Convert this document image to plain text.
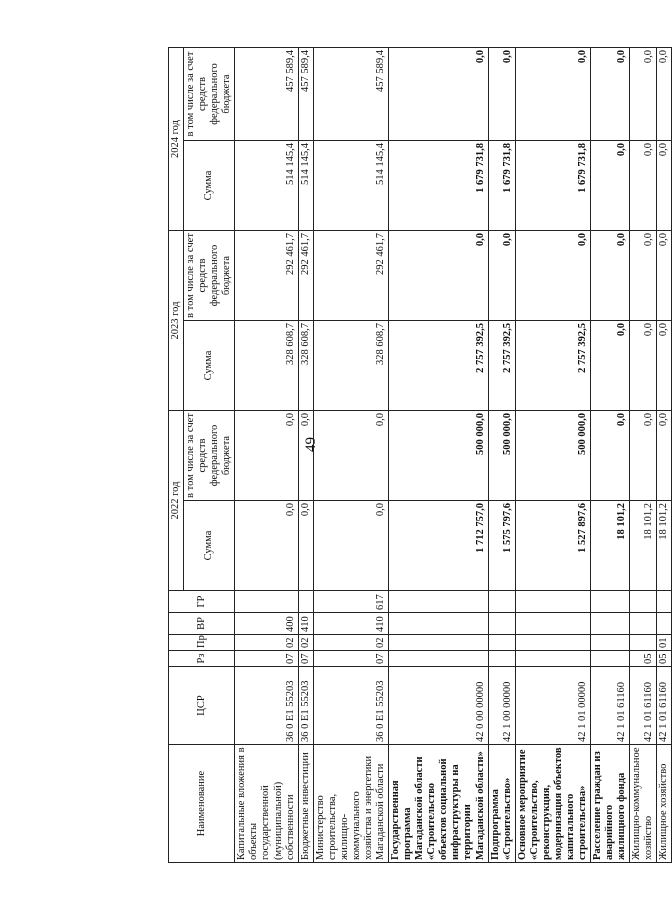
49
Наименование	ЦСР	Рз	Пр	ВР	ГР	2022 год		2023 год		2024 год	
						Сумма	в том числе за счет средств федерального бюджета	Сумма	в том числе за счет средств федерального бюджета	Сумма	в том числе за счет средств федерального бюджета
Капитальные вложения в объекты государственной (муниципальной) собственности	36 0 E1 55203	07	02	400		0,0	0,0	328 608,7	292 461,7	514 145,4	457 589,4
Бюджетные инвестиции	36 0 E1 55203	07	02	410		0,0	0,0	328 608,7	292 461,7	514 145,4	457 589,4
Министерство строительства, жилищно-коммунального хозяйства и энергетики Магаданской области	36 0 E1 55203	07	02	410	617	0,0	0,0	328 608,7	292 461,7	514 145,4	457 589,4
Государственная программа Магаданской области «Строительство объектов социальной инфраструктуры на территории Магаданской области»	42 0 00 00000					1 712 757,0	500 000,0	2 757 392,5	0,0	1 679 731,8	0,0
Подпрограмма «Строительство»	42 1 00 00000					1 575 797,6	500 000,0	2 757 392,5	0,0	1 679 731,8	0,0
Основное мероприятие «Строительство, реконструкция, модернизация объектов капитального строительства»	42 1 01 00000					1 527 897,6	500 000,0	2 757 392,5	0,0	1 679 731,8	0,0
Расселение граждан из аварийного жилищного фонда	42 1 01 61160					18 101,2	0,0	0,0	0,0	0,0	0,0
Жилищно-коммунальное хозяйство	42 1 01 61160	05				18 101,2	0,0	0,0	0,0	0,0	0,0
Жилищное хозяйство	42 1 01 61160	05	01			18 101,2	0,0	0,0	0,0	0,0	0,0
